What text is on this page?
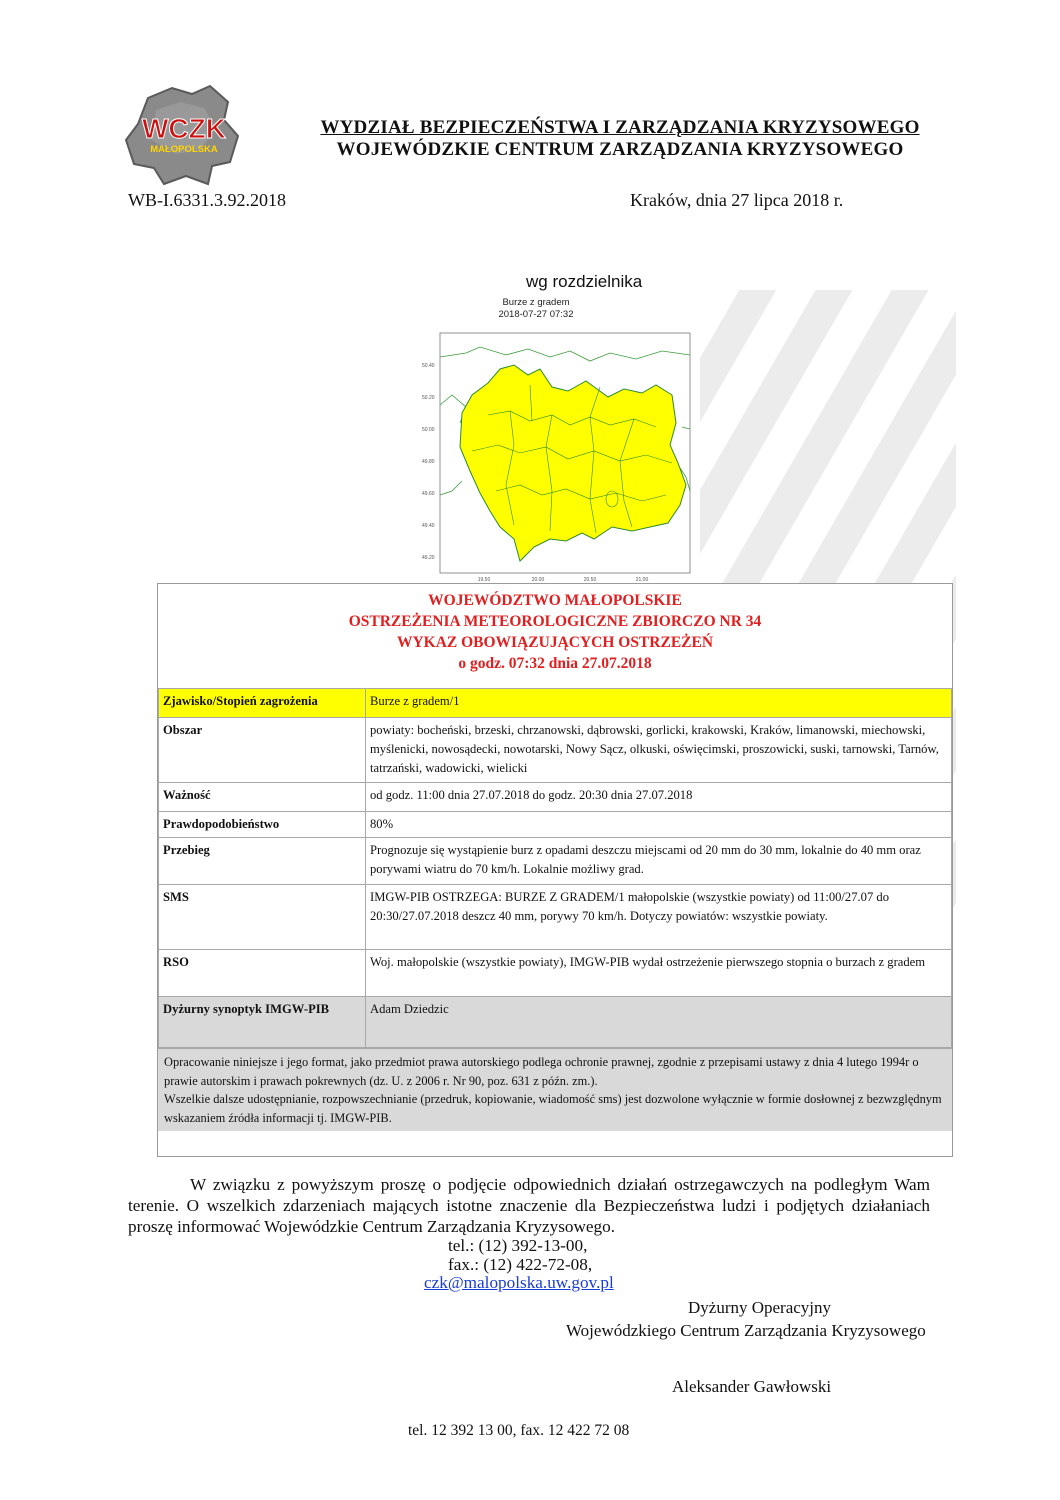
WCZK
MAŁOPOLSKA
WYDZIAŁ BEZPIECZEŃSTWA I ZARZĄDZANIA KRYZYSOWEGO
WOJEWÓDZKIE CENTRUM ZARZĄDZANIA KRYZYSOWEGO
WB-I.6331.3.92.2018	Kraków, dnia 27 lipca 2018 r.
wg rozdzielnika
Burze z gradem
2018-07-27 07:32
50.40
50.20
50.00
49.80
49.60
49.40
49.20
19.50	20.00	20.50	21.00
WOJEWÓDZTWO MAŁOPOLSKIE
OSTRZEŻENIA METEOROLOGICZNE ZBIORCZO NR 34
WYKAZ OBOWIĄZUJĄCYCH OSTRZEŻEŃ
o godz. 07:32 dnia 27.07.2018
Zjawisko/Stopień zagrożenia	Burze z gradem/1
Obszar	powiaty: bocheński, brzeski, chrzanowski, dąbrowski, gorlicki, krakowski, Kraków, limanowski, miechowski, myślenicki, nowosądecki, nowotarski, Nowy Sącz, olkuski, oświęcimski, proszowicki, suski, tarnowski, Tarnów, tatrzański, wadowicki, wielicki
Ważność	od godz. 11:00 dnia 27.07.2018 do godz. 20:30 dnia 27.07.2018
Prawdopodobieństwo	80%
Przebieg	Prognozuje się wystąpienie burz z opadami deszczu miejscami od 20 mm do 30 mm, lokalnie do 40 mm oraz porywami wiatru do 70 km/h. Lokalnie możliwy grad.
SMS	IMGW-PIB OSTRZEGA: BURZE Z GRADEM/1 małopolskie (wszystkie powiaty) od 11:00/27.07 do 20:30/27.07.2018 deszcz 40 mm, porywy 70 km/h. Dotyczy powiatów: wszystkie powiaty.
RSO	Woj. małopolskie (wszystkie powiaty), IMGW-PIB wydał ostrzeżenie pierwszego stopnia o burzach z gradem
Dyżurny synoptyk IMGW-PIB	Adam Dziedzic
Opracowanie niniejsze i jego format, jako przedmiot prawa autorskiego podlega ochronie prawnej, zgodnie z przepisami ustawy z dnia 4 lutego 1994r o prawie autorskim i prawach pokrewnych (dz. U. z 2006 r. Nr 90, poz. 631 z późn. zm.).
Wszelkie dalsze udostępnianie, rozpowszechnianie (przedruk, kopiowanie, wiadomość sms) jest dozwolone wyłącznie w formie dosłownej z bezwzględnym wskazaniem źródła informacji tj. IMGW-PIB.

W związku z powyższym proszę o podjęcie odpowiednich działań ostrzegawczych na podległym Wam terenie. O wszelkich zdarzeniach mających istotne znaczenie dla Bezpieczeństwa ludzi i podjętych działaniach proszę informować Wojewódzkie Centrum Zarządzania Kryzysowego.

tel.: (12) 392-13-00,
fax.: (12) 422-72-08,
czk@malopolska.uw.gov.pl
Dyżurny Operacyjny
Wojewódzkiego Centrum Zarządzania Kryzysowego
Aleksander Gawłowski
tel. 12 392 13 00, fax. 12 422 72 08
